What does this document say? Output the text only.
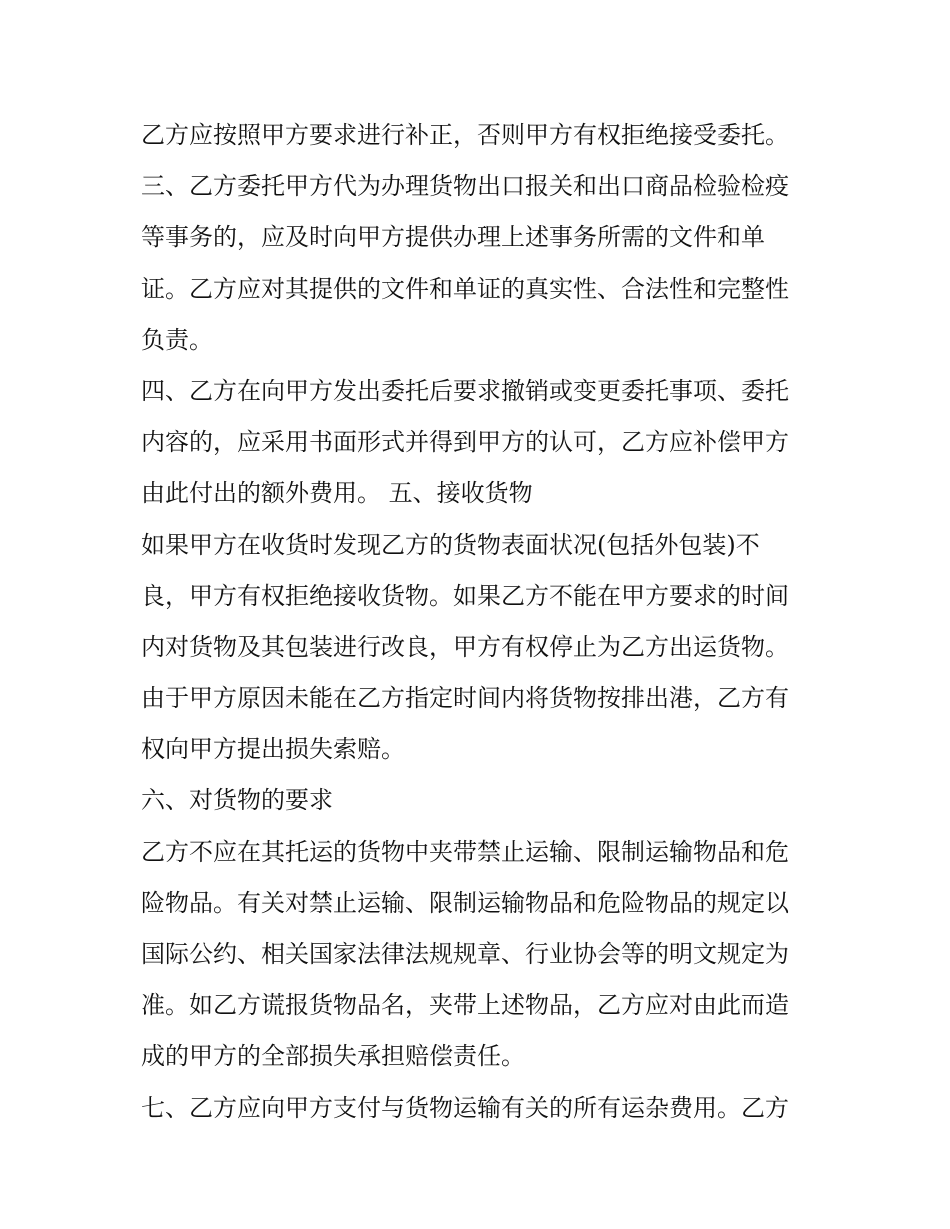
乙方应按照甲方要求进行补正，否则甲方有权拒绝接受委托。
三、乙方委托甲方代为办理货物出口报关和出口商品检验检疫
等事务的，应及时向甲方提供办理上述事务所需的文件和单
证。乙方应对其提供的文件和单证的真实性、合法性和完整性
负责。
四、乙方在向甲方发出委托后要求撤销或变更委托事项、委托
内容的，应采用书面形式并得到甲方的认可，乙方应补偿甲方
由此付出的额外费用。 五、接收货物
如果甲方在收货时发现乙方的货物表面状况(包括外包装)不
良，甲方有权拒绝接收货物。如果乙方不能在甲方要求的时间
内对货物及其包装进行改良，甲方有权停止为乙方出运货物。
由于甲方原因未能在乙方指定时间内将货物按排出港，乙方有
权向甲方提出损失索赔。
六、对货物的要求
乙方不应在其托运的货物中夹带禁止运输、限制运输物品和危
险物品。有关对禁止运输、限制运输物品和危险物品的规定以
国际公约、相关国家法律法规规章、行业协会等的明文规定为
准。如乙方谎报货物品名，夹带上述物品，乙方应对由此而造
成的甲方的全部损失承担赔偿责任。
七、乙方应向甲方支付与货物运输有关的所有运杂费用。乙方
